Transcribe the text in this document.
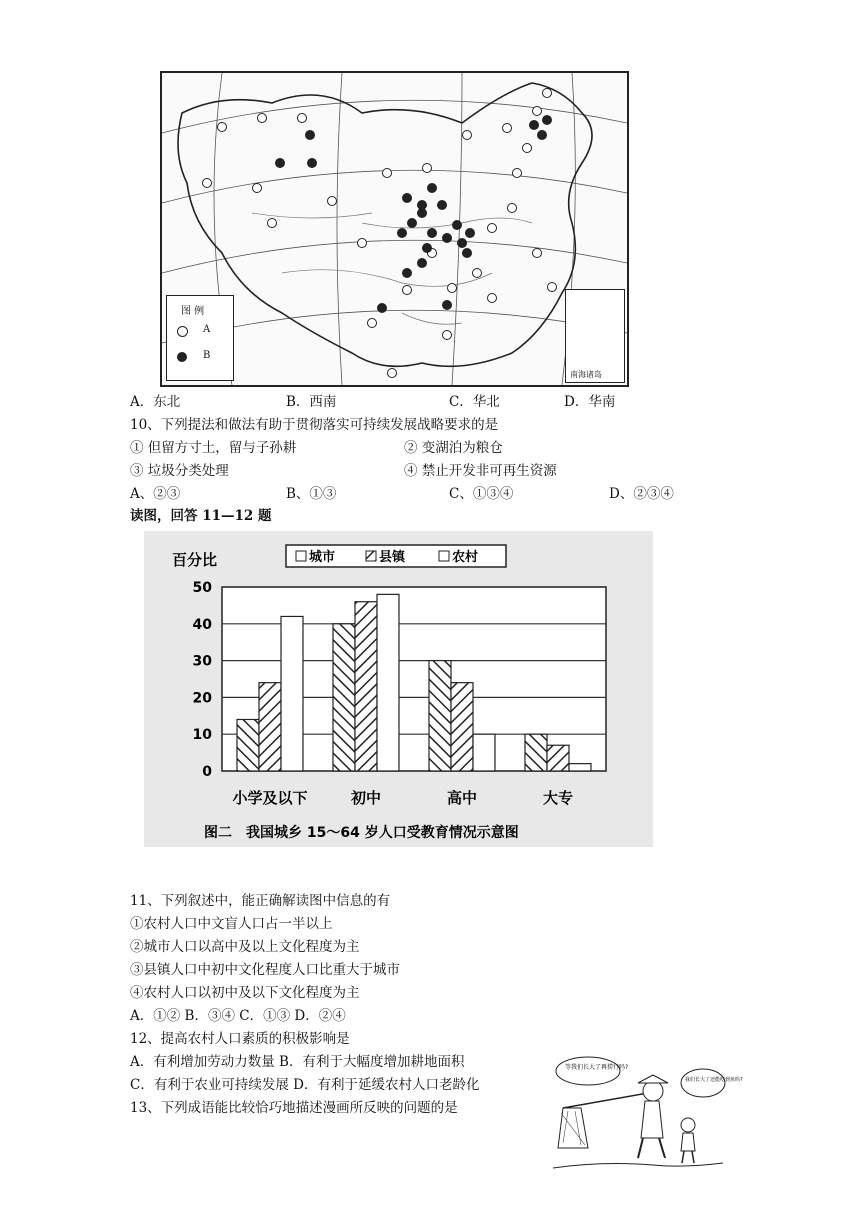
图 例
A
B
南海诸岛
A．东北	B．西南	C．华北	D．华南
10、下列提法和做法有助于贯彻落实可持续发展战略要求的是
① 但留方寸土，留与子孙耕	② 变湖泊为粮仓
③ 垃圾分类处理	④ 禁止开发非可再生资源
A、②③	B、①③	C、①③④	D、②③④
读图，回答 11—12 题
0
10
20
30
40
50
小学及以下	初中	高中	大专
百分比	城市	县镇	农村
图二　我国城乡 15～64 岁人口受教育情况示意图
11、下列叙述中，能正确解读图中信息的有
①农村人口中文盲人口占一半以上
②城市人口以高中及以上文化程度为主
③县镇人口中初中文化程度人口比重大于城市
④农村人口以初中及以下文化程度为主
A．①② B．③④ C．①③ D．②④
12、提高农村人口素质的积极影响是
A．有利增加劳动力数量 B．有利于大幅度增加耕地面积
C．有利于农业可持续发展 D．有利于延缓农村人口老龄化
13、下列成语能比较恰巧地描述漫画所反映的问题的是
等我们长大了再捞行吗?
我们长大了还能吃到鱼吗?
